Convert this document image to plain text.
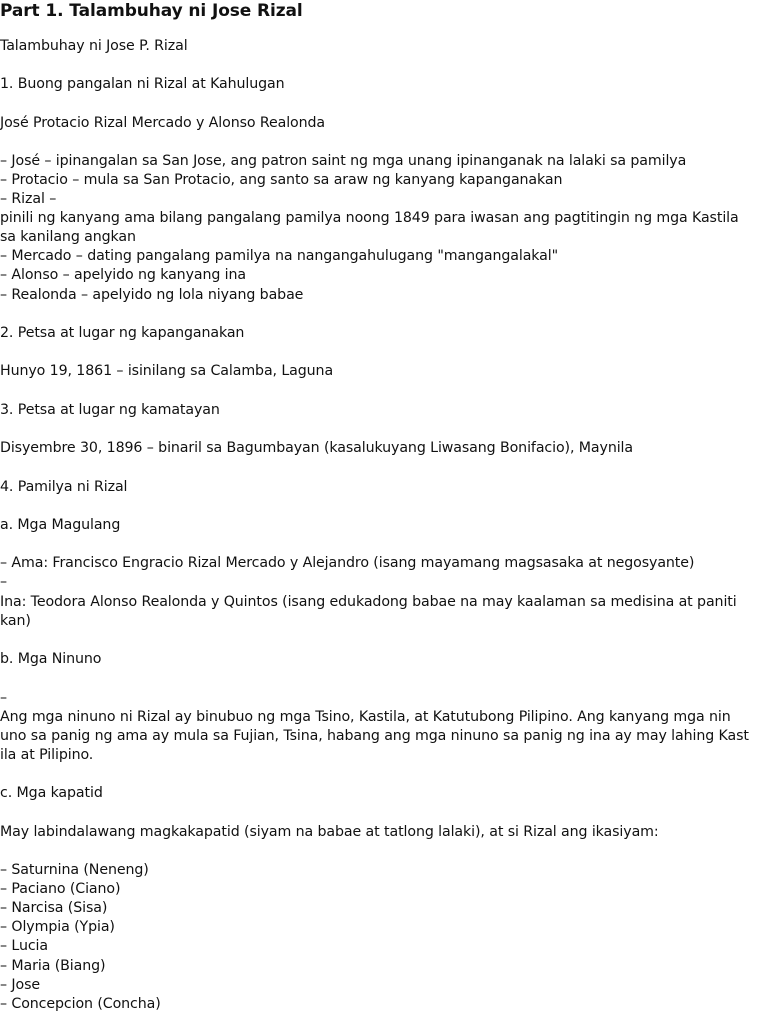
Part 1. Talambuhay ni Jose Rizal
Talambuhay ni Jose P. Rizal
1. Buong pangalan ni Rizal at Kahulugan
José Protacio Rizal Mercado y Alonso Realonda
– José – ipinangalan sa San Jose, ang patron saint ng mga unang ipinanganak na lalaki sa pamilya
– Protacio – mula sa San Protacio, ang santo sa araw ng kanyang kapanganakan
– Rizal –
pinili ng kanyang ama bilang pangalang pamilya noong 1849 para iwasan ang pagtitingin ng mga Kastila
sa kanilang angkan
– Mercado – dating pangalang pamilya na nangangahulugang "mangangalakal"
– Alonso – apelyido ng kanyang ina
– Realonda – apelyido ng lola niyang babae
2. Petsa at lugar ng kapanganakan
Hunyo 19, 1861 – isinilang sa Calamba, Laguna
3. Petsa at lugar ng kamatayan
Disyembre 30, 1896 – binaril sa Bagumbayan (kasalukuyang Liwasang Bonifacio), Maynila
4. Pamilya ni Rizal
a. Mga Magulang
– Ama: Francisco Engracio Rizal Mercado y Alejandro (isang mayamang magsasaka at negosyante)
–
Ina: Teodora Alonso Realonda y Quintos (isang edukadong babae na may kaalaman sa medisina at paniti
kan)
b. Mga Ninuno
–
Ang mga ninuno ni Rizal ay binubuo ng mga Tsino, Kastila, at Katutubong Pilipino. Ang kanyang mga nin
uno sa panig ng ama ay mula sa Fujian, Tsina, habang ang mga ninuno sa panig ng ina ay may lahing Kast
ila at Pilipino.
c. Mga kapatid
May labindalawang magkakapatid (siyam na babae at tatlong lalaki), at si Rizal ang ikasiyam:
– Saturnina (Neneng)
– Paciano (Ciano)
– Narcisa (Sisa)
– Olympia (Ypia)
– Lucia
– Maria (Biang)
– Jose
– Concepcion (Concha)
